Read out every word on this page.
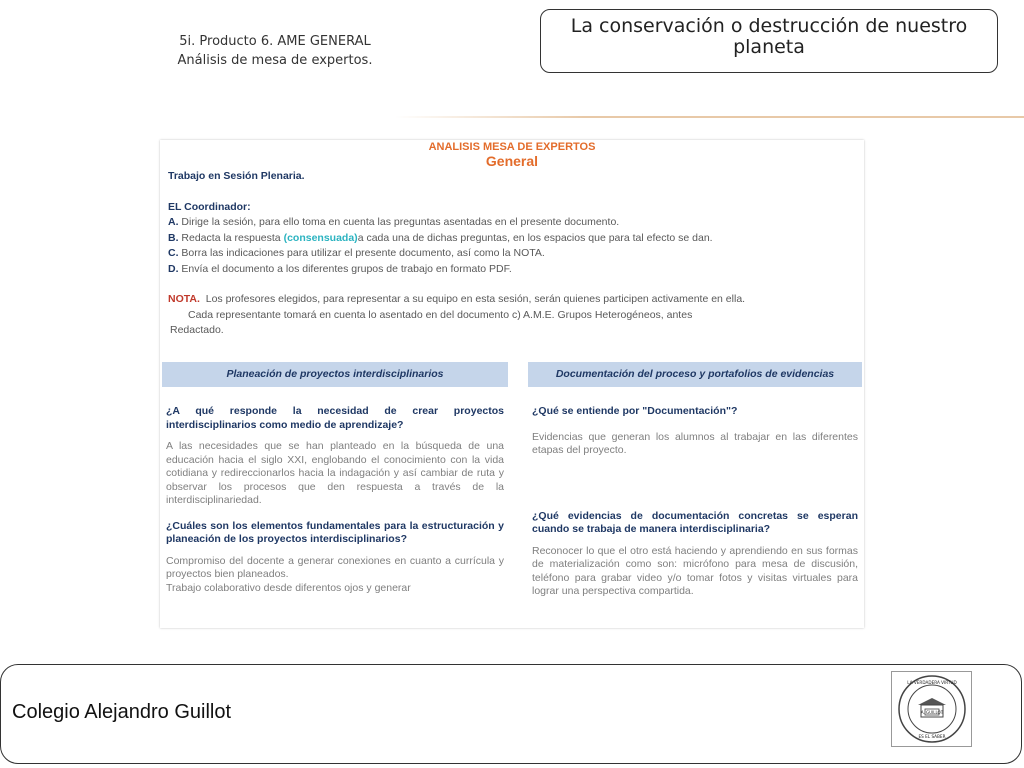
5i. Producto 6. AME GENERAL
Análisis de mesa de expertos.
La conservación o destrucción de nuestro planeta
ANALISIS MESA DE EXPERTOS
General
Trabajo en Sesión Plenaria.
EL Coordinador:
A. Dirige la sesión, para ello toma en cuenta las preguntas asentadas en el presente documento.
B. Redacta la respuesta (consensuada)a cada una de dichas preguntas, en los espacios que para tal efecto se dan.
C. Borra las indicaciones para utilizar el presente documento, así como la NOTA.
D. Envía el documento a los diferentes grupos de trabajo en formato PDF.
NOTA. Los profesores elegidos, para representar a su equipo en esta sesión, serán quienes participen activamente en ella.
Cada representante tomará en cuenta lo asentado en del documento c) A.M.E. Grupos Heterogéneos, antes
Redactado.
Planeación de proyectos interdisciplinarios
¿A qué responde la necesidad de crear proyectos interdisciplinarios como medio de aprendizaje?
A las necesidades que se han planteado en la búsqueda de una educación hacia el siglo XXI, englobando el conocimiento con la vida cotidiana y redireccionarlos hacia la indagación y así cambiar de ruta y observar los procesos que den respuesta a través de la interdisciplinariedad.
¿Cuáles son los elementos fundamentales para la estructuración y planeación de los proyectos interdisciplinarios?
Compromiso del docente a generar conexiones en cuanto a currícula y proyectos bien planeados.
Trabajo colaborativo desde diferentos ojos y generar
Documentación del proceso y portafolios de evidencias
¿Qué se entiende por "Documentación"?
Evidencias que generan los alumnos al trabajar en las diferentes etapas del proyecto.
¿Qué evidencias de documentación concretas se esperan cuando se trabaja de manera interdisciplinaria?
Reconocer lo que el otro está haciendo y aprendiendo en sus formas de materialización como son: micrófono para mesa de discusión, teléfono para grabar video y/o tomar fotos y visitas virtuales para lograr una perspectiva compartida.
Colegio Alejandro Guillot	A. GUILLOT
LA VERDADERA VIRTUD
ES EL SABER
